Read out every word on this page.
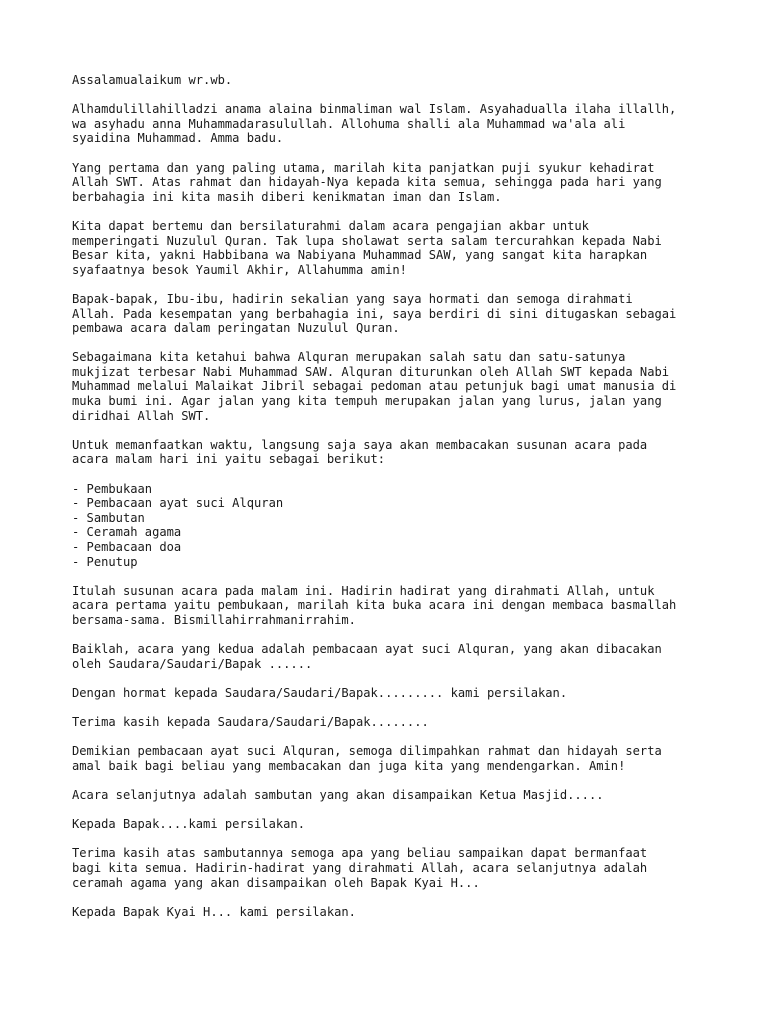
Assalamualaikum wr.wb.
Alhamdulillahilladzi anama alaina binmaliman wal Islam. Asyahadualla ilaha illallh,
wa asyhadu anna Muhammadarasulullah. Allohuma shalli ala Muhammad wa'ala ali
syaidina Muhammad. Amma badu.
Yang pertama dan yang paling utama, marilah kita panjatkan puji syukur kehadirat
Allah SWT. Atas rahmat dan hidayah-Nya kepada kita semua, sehingga pada hari yang
berbahagia ini kita masih diberi kenikmatan iman dan Islam.
Kita dapat bertemu dan bersilaturahmi dalam acara pengajian akbar untuk
memperingati Nuzulul Quran. Tak lupa sholawat serta salam tercurahkan kepada Nabi
Besar kita, yakni Habbibana wa Nabiyana Muhammad SAW, yang sangat kita harapkan
syafaatnya besok Yaumil Akhir, Allahumma amin!
Bapak-bapak, Ibu-ibu, hadirin sekalian yang saya hormati dan semoga dirahmati
Allah. Pada kesempatan yang berbahagia ini, saya berdiri di sini ditugaskan sebagai
pembawa acara dalam peringatan Nuzulul Quran.
Sebagaimana kita ketahui bahwa Alquran merupakan salah satu dan satu-satunya
mukjizat terbesar Nabi Muhammad SAW. Alquran diturunkan oleh Allah SWT kepada Nabi
Muhammad melalui Malaikat Jibril sebagai pedoman atau petunjuk bagi umat manusia di
muka bumi ini. Agar jalan yang kita tempuh merupakan jalan yang lurus, jalan yang
diridhai Allah SWT.
Untuk memanfaatkan waktu, langsung saja saya akan membacakan susunan acara pada
acara malam hari ini yaitu sebagai berikut:
- Pembukaan
- Pembacaan ayat suci Alquran
- Sambutan
- Ceramah agama
- Pembacaan doa
- Penutup
Itulah susunan acara pada malam ini. Hadirin hadirat yang dirahmati Allah, untuk
acara pertama yaitu pembukaan, marilah kita buka acara ini dengan membaca basmallah
bersama-sama. Bismillahirrahmanirrahim.
Baiklah, acara yang kedua adalah pembacaan ayat suci Alquran, yang akan dibacakan
oleh Saudara/Saudari/Bapak ......
Dengan hormat kepada Saudara/Saudari/Bapak......... kami persilakan.
Terima kasih kepada Saudara/Saudari/Bapak........
Demikian pembacaan ayat suci Alquran, semoga dilimpahkan rahmat dan hidayah serta
amal baik bagi beliau yang membacakan dan juga kita yang mendengarkan. Amin!
Acara selanjutnya adalah sambutan yang akan disampaikan Ketua Masjid.....
Kepada Bapak....kami persilakan.
Terima kasih atas sambutannya semoga apa yang beliau sampaikan dapat bermanfaat
bagi kita semua. Hadirin-hadirat yang dirahmati Allah, acara selanjutnya adalah
ceramah agama yang akan disampaikan oleh Bapak Kyai H...
Kepada Bapak Kyai H... kami persilakan.
